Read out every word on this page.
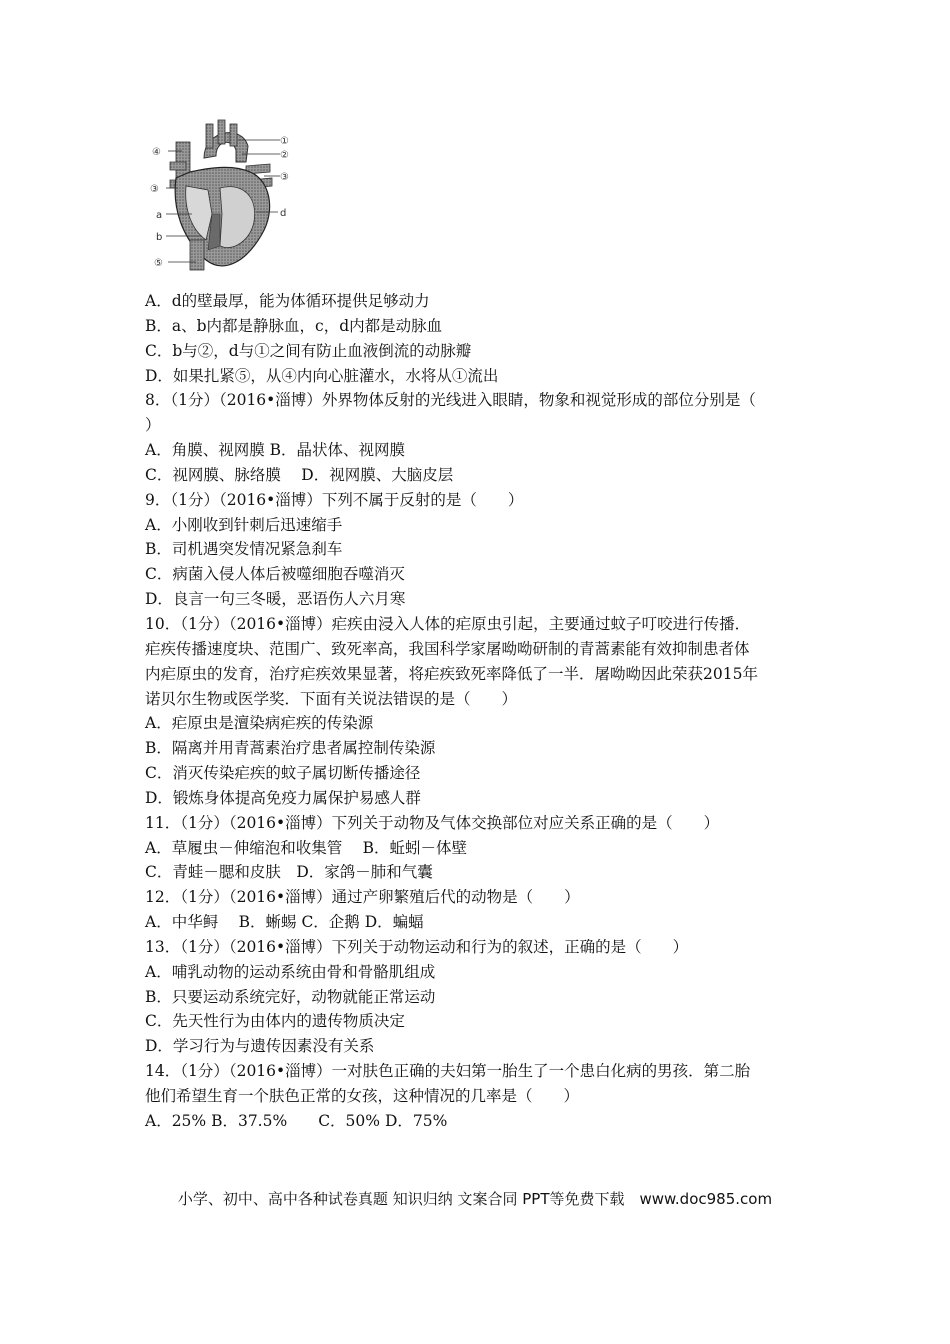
①
②
③
④
③
a
b
⑤
d
A．d的壁最厚，能为体循环提供足够动力
B．a、b内都是静脉血，c，d内都是动脉血
C．b与②，d与①之间有防止血液倒流的动脉瓣
D．如果扎紧⑤，从④内向心脏灌水，水将从①流出
8．（1分）（2016•淄博）外界物体反射的光线进入眼睛，物象和视觉形成的部位分别是（
）
A．角膜、视网膜 B．晶状体、视网膜
C．视网膜、脉络膜　 D．视网膜、大脑皮层
9．（1分）（2016•淄博）下列不属于反射的是（　　）
A．小刚收到针刺后迅速缩手
B．司机遇突发情况紧急刹车
C．病菌入侵人体后被噬细胞吞噬消灭
D．良言一句三冬暖，恶语伤人六月寒
10．（1分）（2016•淄博）疟疾由浸入人体的疟原虫引起，主要通过蚊子叮咬进行传播．
疟疾传播速度块、范围广、致死率高，我国科学家屠呦呦研制的青蒿素能有效抑制患者体
内疟原虫的发育，治疗疟疾效果显著，将疟疾致死率降低了一半．屠呦呦因此荣获2015年
诺贝尔生物或医学奖．下面有关说法错误的是（　　）
A．疟原虫是澶染病疟疾的传染源
B．隔离并用青蒿素治疗患者属控制传染源
C．消灭传染疟疾的蚊子属切断传播途径
D．锻炼身体提高免疫力属保护易感人群
11．（1分）（2016•淄博）下列关于动物及气体交换部位对应关系正确的是（　　）
A．草履虫－伸缩泡和收集管　 B．蚯蚓－体壁
C．青蛙－腮和皮肤　D．家鸽－肺和气囊
12．（1分）（2016•淄博）通过产卵繁殖后代的动物是（　　）
A．中华鲟　 B．蜥蜴 C．企鹅 D．蝙蝠
13．（1分）（2016•淄博）下列关于动物运动和行为的叙述，正确的是（　　）
A．哺乳动物的运动系统由骨和骨骼肌组成
B．只要运动系统完好，动物就能正常运动
C．先天性行为由体内的遗传物质决定
D．学习行为与遗传因素没有关系
14．（1分）（2016•淄博）一对肤色正确的夫妇第一胎生了一个患白化病的男孩．第二胎
他们希望生育一个肤色正常的女孩，这种情况的几率是（　　）
A．25% B．37.5%　　C．50% D．75%
小学、初中、高中各种试卷真题 知识归纳 文案合同 PPT等免费下载　www.doc985.com
